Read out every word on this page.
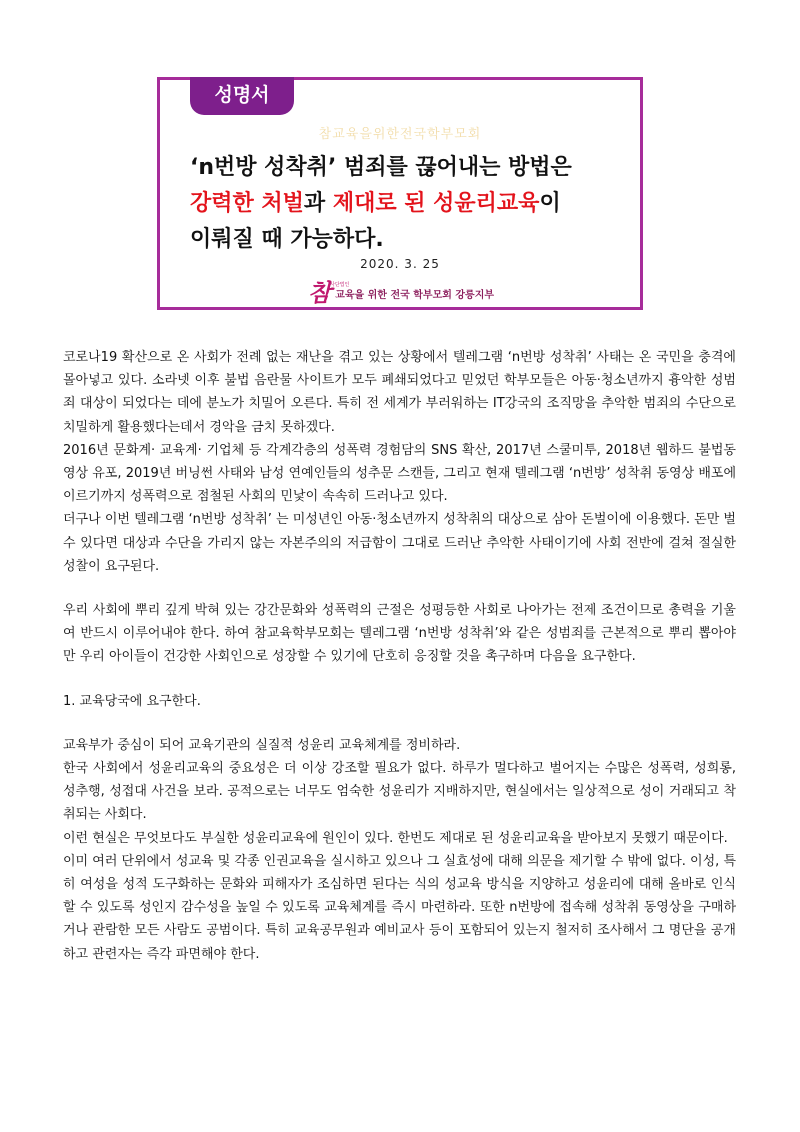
성명서
참교육을위한전국학부모회
‘n번방 성착취’ 범죄를 끊어내는 방법은
강력한 처벌과 제대로 된 성윤리교육이
이뤄질 때 가능하다.
2020. 3. 25
참
사단법인
교육을 위한 전국 학부모회 강릉지부

코로나19 확산으로 온 사회가 전례 없는 재난을 겪고 있는 상황에서 텔레그램 ‘n번방 성착취’ 사태는 온 국민을 충격에 몰아넣고 있다. 소라넷 이후 불법 음란물 사이트가 모두 폐쇄되었다고 믿었던 학부모들은 아동·청소년까지 흉악한 성범죄 대상이 되었다는 데에 분노가 치밀어 오른다. 특히 전 세계가 부러워하는 IT강국의 조직망을 추악한 범죄의 수단으로 치밀하게 활용했다는데서 경악을 금치 못하겠다.

2016년 문화계· 교육계· 기업체 등 각계각층의 성폭력 경험담의 SNS 확산, 2017년 스쿨미투, 2018년 웹하드 불법동영상 유포, 2019년 버닝썬 사태와 남성 연예인들의 성추문 스캔들, 그리고 현재 텔레그램 ‘n번방’ 성착취 동영상 배포에 이르기까지 성폭력으로 점철된 사회의 민낯이 속속히 드러나고 있다.

더구나 이번 텔레그램 ‘n번방 성착취’ 는 미성년인 아동·청소년까지 성착취의 대상으로 삼아 돈벌이에 이용했다. 돈만 벌수 있다면 대상과 수단을 가리지 않는 자본주의의 저급함이 그대로 드러난 추악한 사태이기에 사회 전반에 걸쳐 절실한 성찰이 요구된다.

우리 사회에 뿌리 깊게 박혀 있는 강간문화와 성폭력의 근절은 성평등한 사회로 나아가는 전제 조건이므로 총력을 기울여 반드시 이루어내야 한다. 하여 참교육학부모회는 텔레그램 ‘n번방 성착취’와 같은 성범죄를 근본적으로 뿌리 뽑아야만 우리 아이들이 건강한 사회인으로 성장할 수 있기에 단호히 응징할 것을 촉구하며 다음을 요구한다.

1. 교육당국에 요구한다.

교육부가 중심이 되어 교육기관의 실질적 성윤리 교육체계를 정비하라.

한국 사회에서 성윤리교육의 중요성은 더 이상 강조할 필요가 없다. 하루가 멀다하고 벌어지는 수많은 성폭력, 성희롱, 성추행, 성접대 사건을 보라. 공적으로는 너무도 엄숙한 성윤리가 지배하지만, 현실에서는 일상적으로 성이 거래되고 착취되는 사회다.

이런 현실은 무엇보다도 부실한 성윤리교육에 원인이 있다. 한번도 제대로 된 성윤리교육을 받아보지 못했기 때문이다.

이미 여러 단위에서 성교육 및 각종 인권교육을 실시하고 있으나 그 실효성에 대해 의문을 제기할 수 밖에 없다. 이성, 특히 여성을 성적 도구화하는 문화와 피해자가 조심하면 된다는 식의 성교육 방식을 지양하고 성윤리에 대해 올바로 인식할 수 있도록 성인지 감수성을 높일 수 있도록 교육체계를 즉시 마련하라. 또한 n번방에 접속해 성착취 동영상을 구매하거나 관람한 모든 사람도 공범이다. 특히 교육공무원과 예비교사 등이 포함되어 있는지 철저히 조사해서 그 명단을 공개하고 관련자는 즉각 파면해야 한다.
